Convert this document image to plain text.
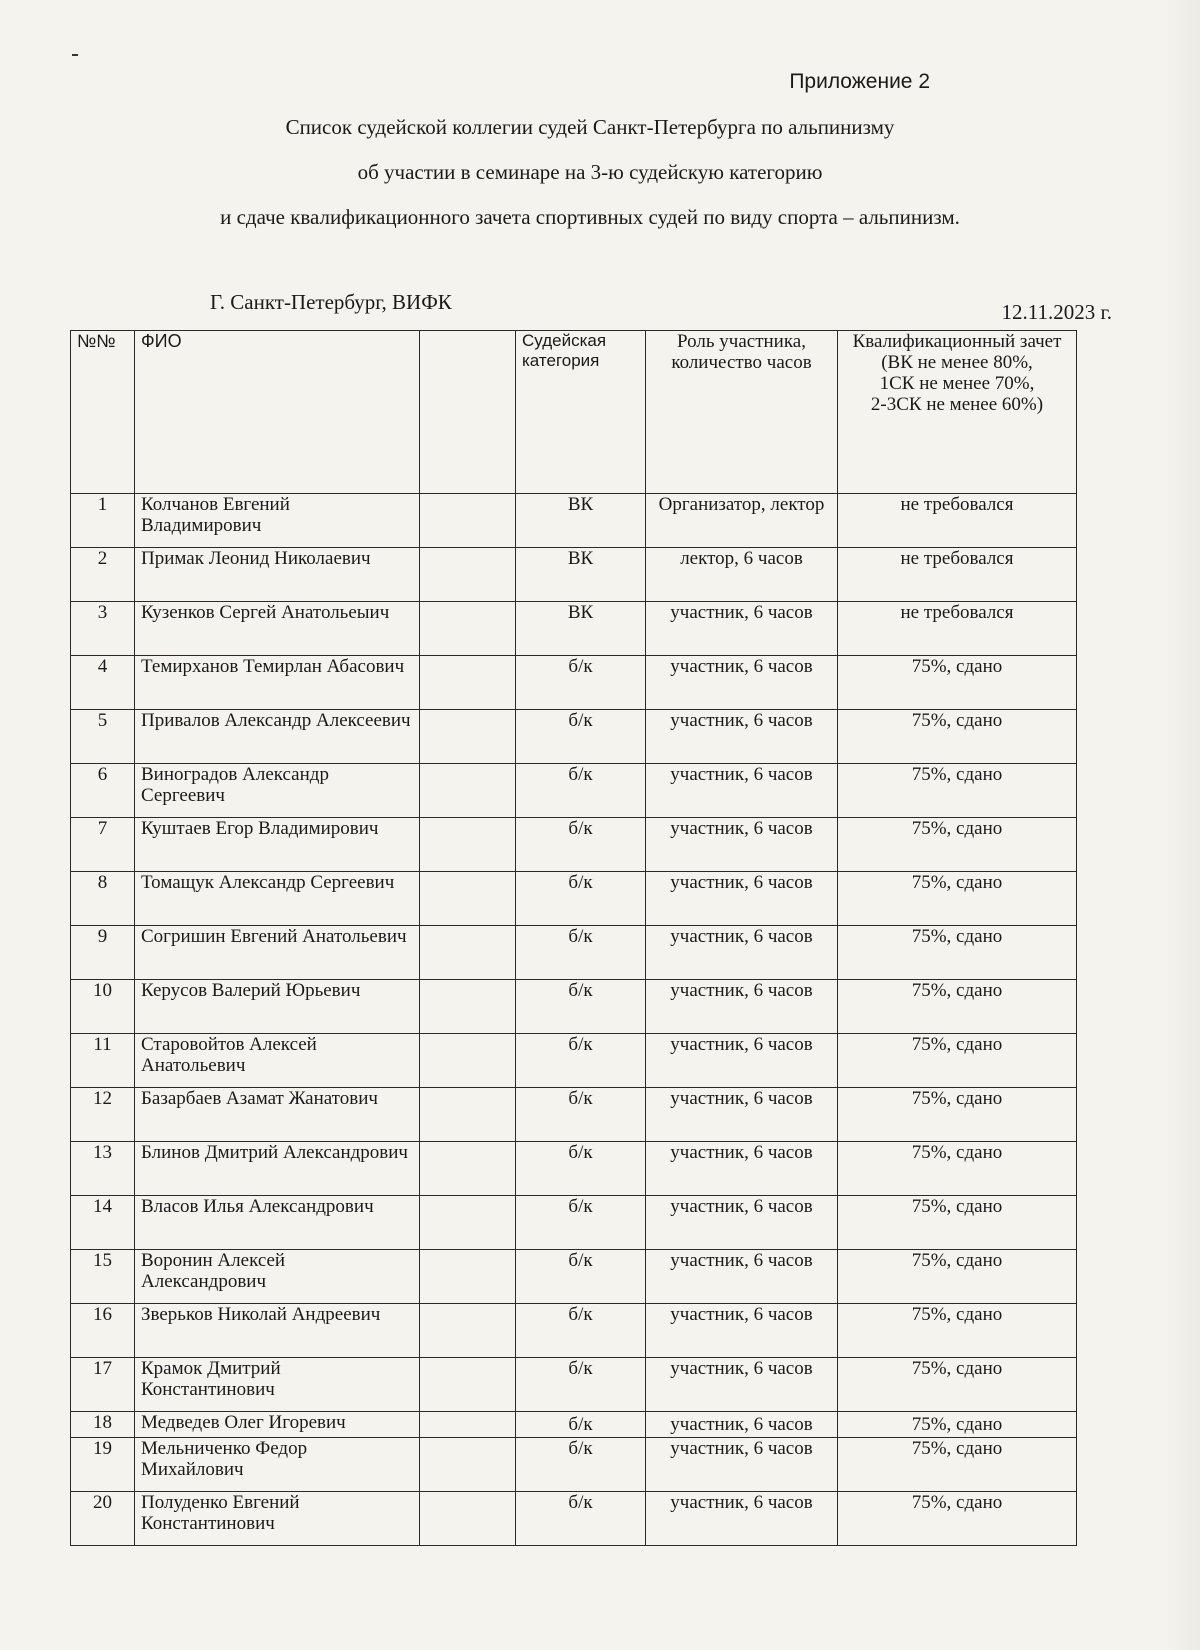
Приложение 2
Список судейской коллегии судей Санкт-Петербурга по альпинизму
об участии в семинаре на 3-ю судейскую категорию
и сдаче квалификационного зачета спортивных судей по виду спорта – альпинизм.
Г. Санкт-Петербург, ВИФК	12.11.2023 г.
№№	ФИО		Судейская категория	Роль участника, количество часов	Квалификационный зачет
(ВК не менее 80%,
1СК не менее 70%,
2-3СК не менее 60%)

1	Колчанов Евгений Владимирович		ВК	Организатор, лектор	не требовался
2	Примак Леонид Николаевич		ВК	лектор, 6 часов	не требовался
3	Кузенков Сергей Анатольеыич		ВК	участник, 6 часов	не требовался
4	Темирханов Темирлан Абасович		б/к	участник, 6 часов	75%, сдано
5	Привалов Александр Алексеевич		б/к	участник, 6 часов	75%, сдано
6	Виноградов Александр Сергеевич		б/к	участник, 6 часов	75%, сдано
7	Куштаев Егор Владимирович		б/к	участник, 6 часов	75%, сдано
8	Томащук Александр Сергеевич		б/к	участник, 6 часов	75%, сдано
9	Согришин Евгений Анатольевич		б/к	участник, 6 часов	75%, сдано
10	Керусов Валерий Юрьевич		б/к	участник, 6 часов	75%, сдано
11	Старовойтов Алексей Анатольевич		б/к	участник, 6 часов	75%, сдано
12	Базарбаев Азамат Жанатович		б/к	участник, 6 часов	75%, сдано
13	Блинов Дмитрий Александрович		б/к	участник, 6 часов	75%, сдано
14	Власов Илья Александрович		б/к	участник, 6 часов	75%, сдано
15	Воронин Алексей Александрович		б/к	участник, 6 часов	75%, сдано
16	Зверьков Николай Андреевич		б/к	участник, 6 часов	75%, сдано
17	Крамок Дмитрий Константинович		б/к	участник, 6 часов	75%, сдано
18	Медведев Олег Игоревич		б/к	участник, 6 часов	75%, сдано
19	Мельниченко Федор Михайлович		б/к	участник, 6 часов	75%, сдано
20	Полуденко Евгений Константинович		б/к	участник, 6 часов	75%, сдано
